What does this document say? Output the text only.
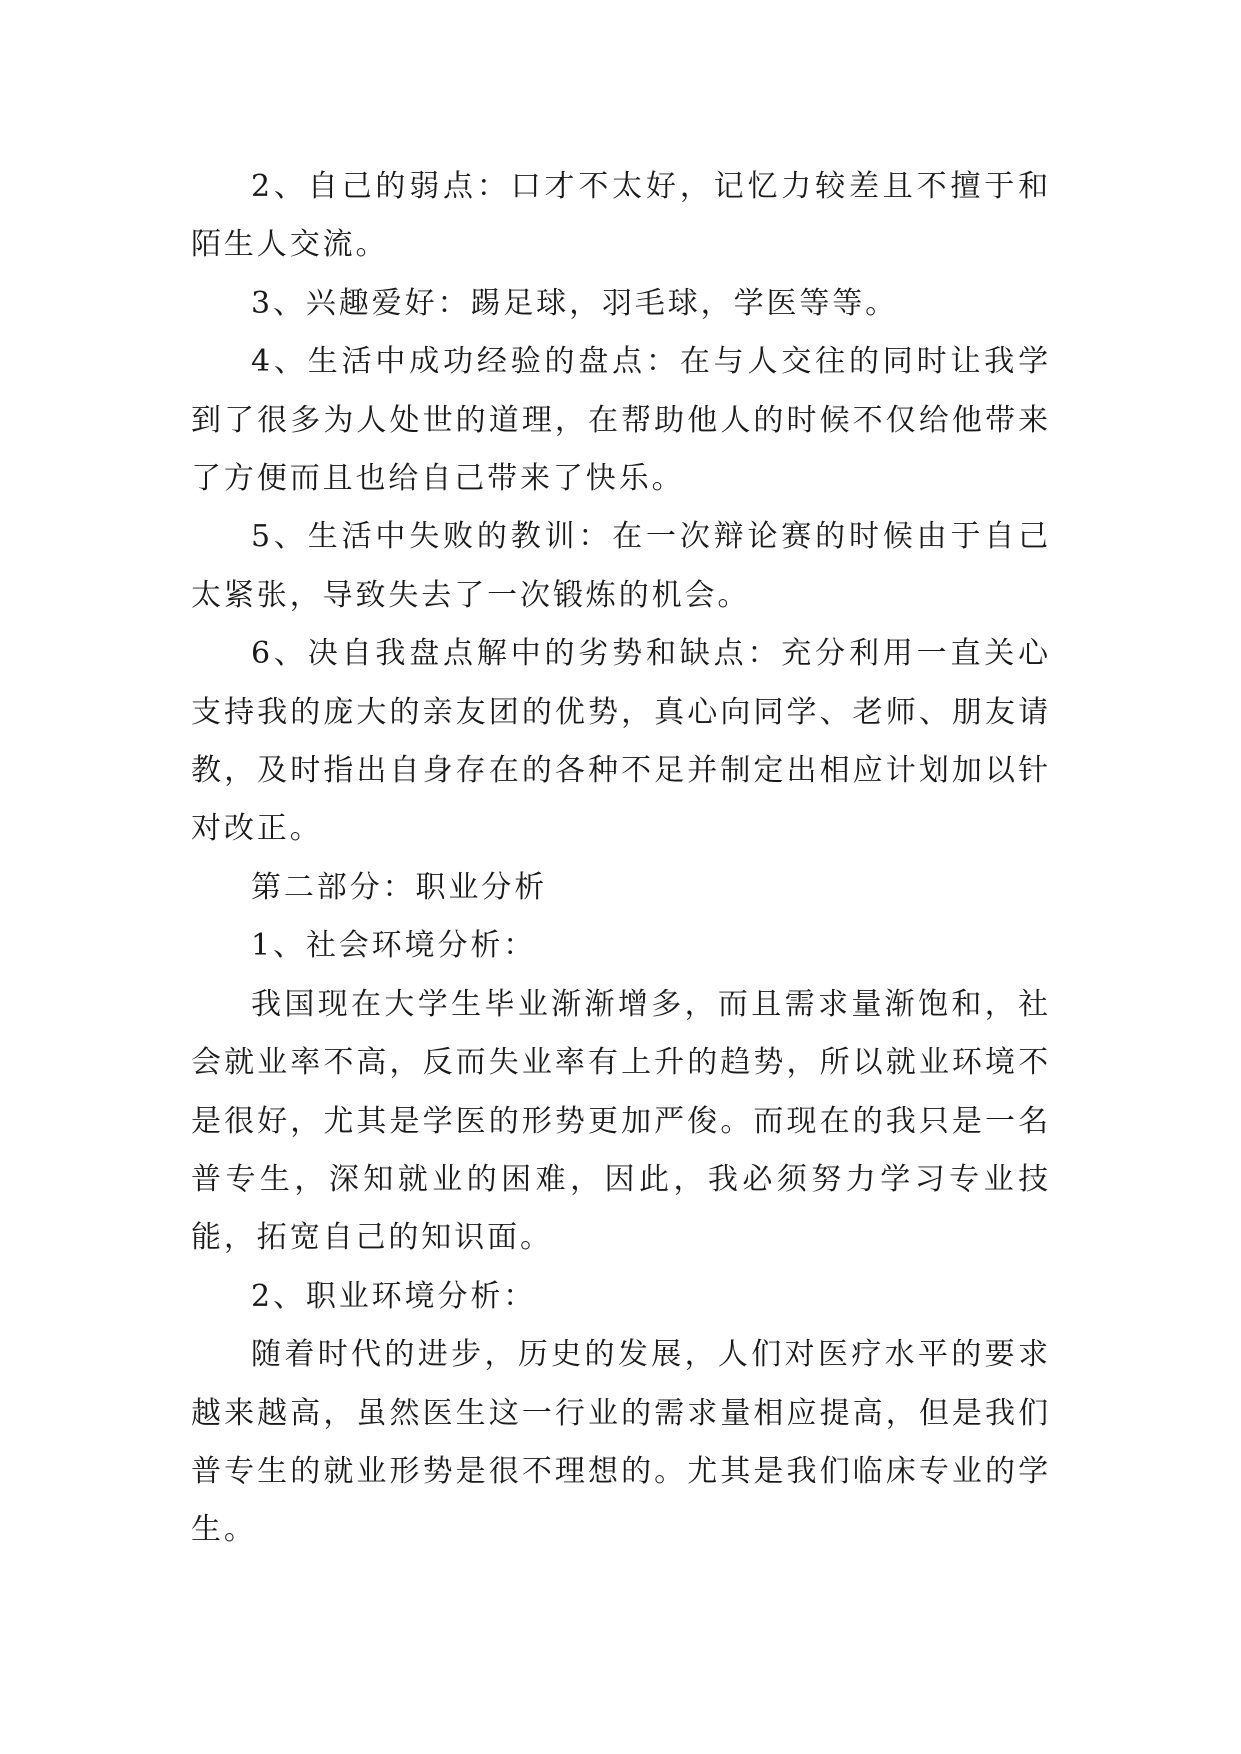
2、自己的弱点：口才不太好，记忆力较差且不擅于和陌生人交流。

3、兴趣爱好：踢足球，羽毛球，学医等等。

4、生活中成功经验的盘点：在与人交往的同时让我学到了很多为人处世的道理，在帮助他人的时候不仅给他带来了方便而且也给自己带来了快乐。

5、生活中失败的教训：在一次辩论赛的时候由于自己太紧张，导致失去了一次锻炼的机会。

6、决自我盘点解中的劣势和缺点：充分利用一直关心支持我的庞大的亲友团的优势，真心向同学、老师、朋友请教，及时指出自身存在的各种不足并制定出相应计划加以针对改正。

第二部分：职业分析

1、社会环境分析：

我国现在大学生毕业渐渐增多，而且需求量渐饱和，社会就业率不高，反而失业率有上升的趋势，所以就业环境不是很好，尤其是学医的形势更加严俊。而现在的我只是一名普专生，深知就业的困难，因此，我必须努力学习专业技能，拓宽自己的知识面。

2、职业环境分析：

随着时代的进步，历史的发展，人们对医疗水平的要求越来越高，虽然医生这一行业的需求量相应提高，但是我们普专生的就业形势是很不理想的。尤其是我们临床专业的学生。
